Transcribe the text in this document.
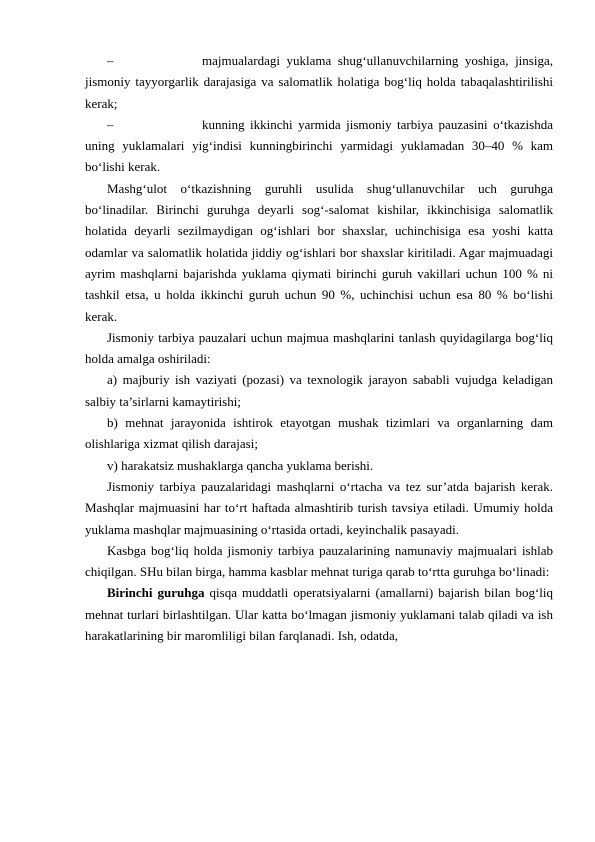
–	majmualardagi yuklama shug‘ullanuvchilarning yoshiga, jinsiga, jismoniy tayyorgarlik darajasiga va salomatlik holatiga bog‘liq holda tabaqalashtirilishi kerak;

–	kunning ikkinchi yarmida jismoniy tarbiya pauzasini o‘tkazishda uning yuklamalari yig‘indisi kunningbirinchi yarmidagi yuklamadan 30–40 % kam bo‘lishi kerak.

Mashg‘ulot o‘tkazishning guruhli usulida shug‘ullanuvchilar uch guruhga bo‘linadilar. Birinchi guruhga deyarli sog‘-salomat kishilar, ikkinchisiga salomatlik holatida deyarli sezilmaydigan og‘ishlari bor shaxslar, uchinchisiga esa yoshi katta odamlar va salomatlik holatida jiddiy og‘ishlari bor shaxslar kiritiladi. Agar majmuadagi ayrim mashqlarni bajarishda yuklama qiymati birinchi guruh vakillari uchun 100 % ni tashkil etsa, u holda ikkinchi guruh uchun 90 %, uchinchisi uchun esa 80 % bo‘lishi kerak.

Jismoniy tarbiya pauzalari uchun majmua mashqlarini tanlash quyidagilarga bog‘liq holda amalga oshiriladi:

a) majburiy ish vaziyati (pozasi) va texnologik jarayon sababli vujudga keladigan salbiy ta’sirlarni kamaytirishi;

b) mehnat jarayonida ishtirok etayotgan mushak tizimlari va organlarning dam olishlariga xizmat qilish darajasi;

v) harakatsiz mushaklarga qancha yuklama berishi.

Jismoniy tarbiya pauzalaridagi mashqlarni o‘rtacha va tez sur’atda bajarish kerak. Mashqlar majmuasini har to‘rt haftada almashtirib turish tavsiya etiladi. Umumiy holda yuklama mashqlar majmuasining o‘rtasida ortadi, keyinchalik pasayadi.

Kasbga bog‘liq holda jismoniy tarbiya pauzalarining namunaviy majmualari ishlab chiqilgan. SHu bilan birga, hamma kasblar mehnat turiga qarab to‘rtta guruhga bo‘linadi:

Birinchi guruhga qisqa muddatli operatsiyalarni (amallarni) bajarish bilan bog‘liq mehnat turlari birlashtilgan. Ular katta bo‘lmagan jismoniy yuklamani talab qiladi va ish harakatlarining bir maromliligi bilan farqlanadi. Ish, odatda,
